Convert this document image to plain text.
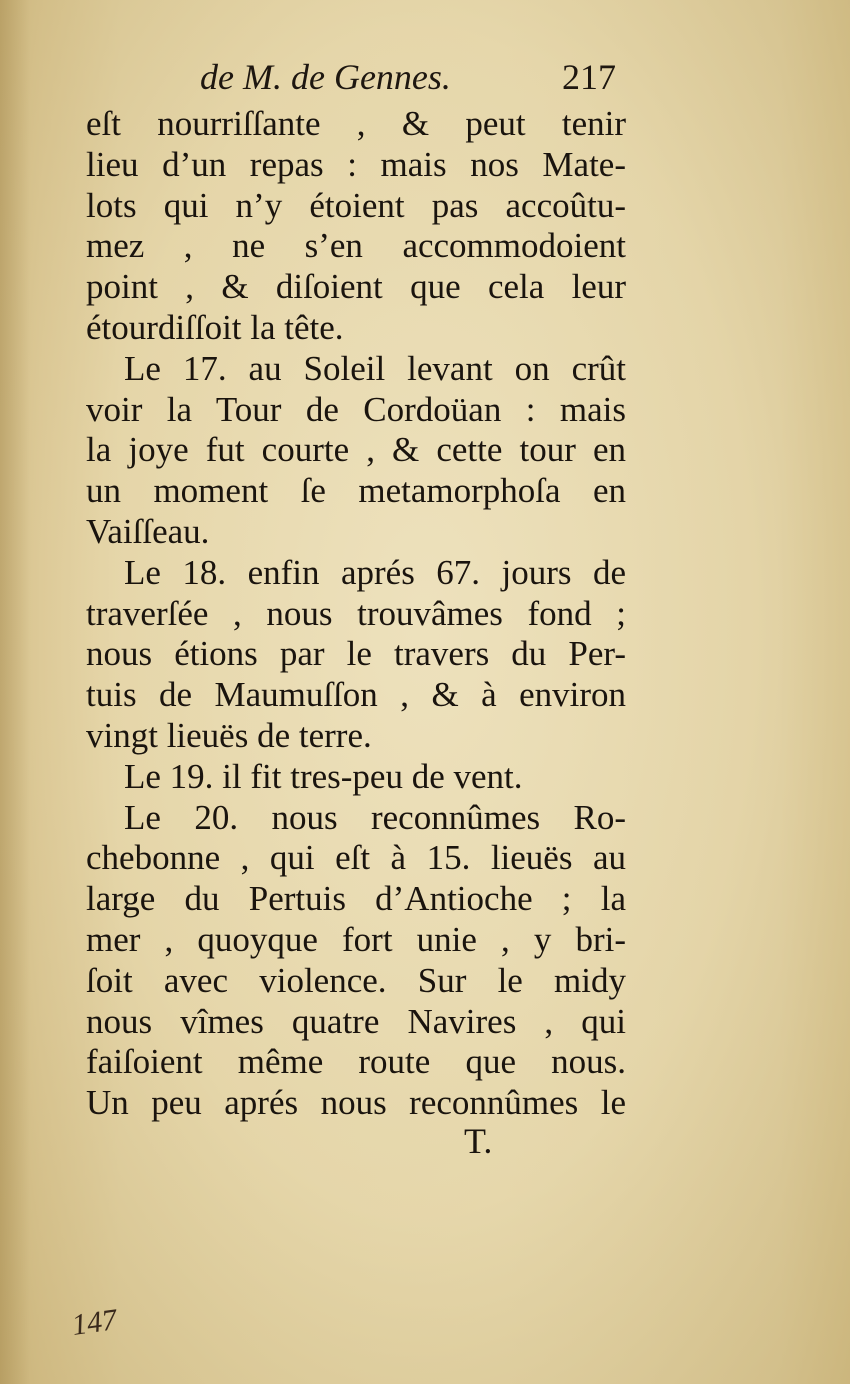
de M. de Gennes.	217
eſt nourriſſante , & peut tenir
lieu d’un repas : mais nos Mate-
lots qui n’y étoient pas accoûtu-
mez , ne s’en accommodoient
point , & diſoient que cela leur
étourdiſſoit la tête.
Le 17. au Soleil levant on crût
voir la Tour de Cordoüan : mais
la joye fut courte , & cette tour en
un moment ſe metamorphoſa en
Vaiſſeau.
Le 18. enfin aprés 67. jours de
traverſée , nous trouvâmes fond ;
nous étions par le travers du Per-
tuis de Maumuſſon , & à environ
vingt lieuës de terre.
Le 19. il fit tres-peu de vent.
Le 20. nous reconnûmes Ro-
chebonne , qui eſt à 15. lieuës au
large du Pertuis d’Antioche ; la
mer , quoyque fort unie , y bri-
ſoit avec violence. Sur le midy
nous vîmes quatre Navires , qui
faiſoient même route que nous.
Un peu aprés nous reconnûmes le
T.
147
